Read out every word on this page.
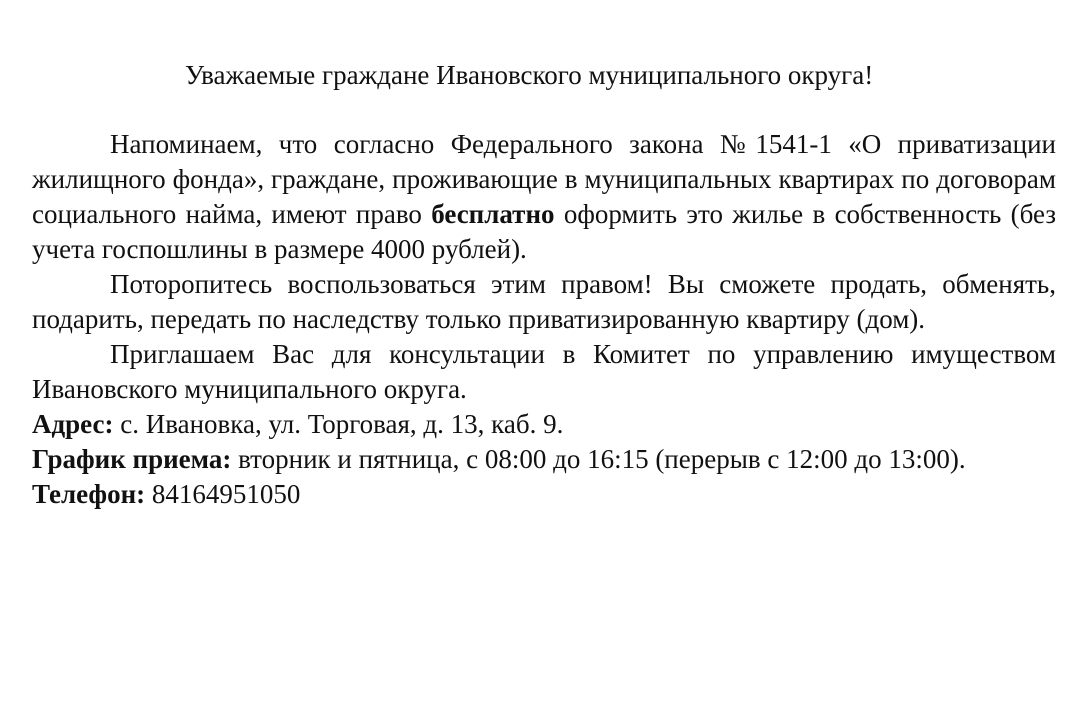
Уважаемые граждане Ивановского муниципального округа!

Напоминаем, что согласно Федерального закона №1541-1 «О приватизации жилищного фонда», граждане, проживающие в муниципальных квартирах по договорам социального найма, имеют право бесплатно оформить это жилье в собственность (без учета госпошлины в размере 4000 рублей).

Поторопитесь воспользоваться этим правом! Вы сможете продать, обменять, подарить, передать по наследству только приватизированную квартиру (дом).

Приглашаем Вас для консультации в Комитет по управлению имуществом Ивановского муниципального округа.

Адрес: с. Ивановка, ул. Торговая, д. 13, каб. 9.

График приема: вторник и пятница, с 08:00 до 16:15 (перерыв с 12:00 до 13:00).

Телефон: 84164951050
